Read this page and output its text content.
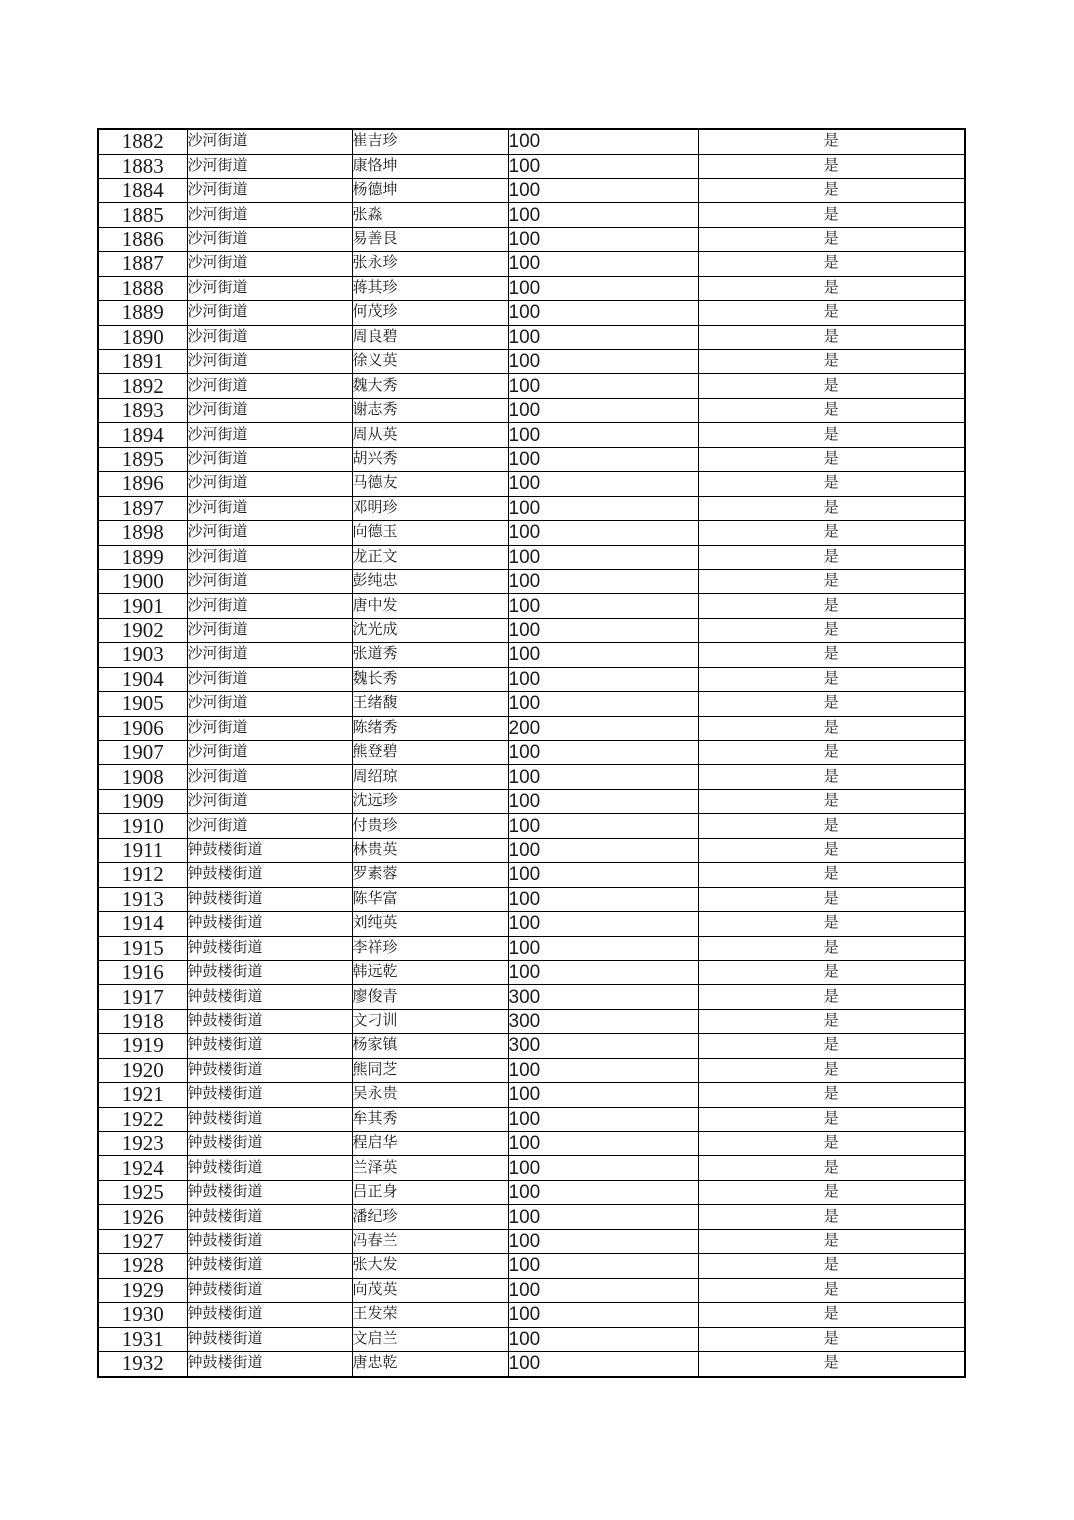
1882	沙河街道	崔吉珍	100	是
1883	沙河街道	康恪坤	100	是
1884	沙河街道	杨德坤	100	是
1885	沙河街道	张淼	100	是
1886	沙河街道	易善艮	100	是
1887	沙河街道	张永珍	100	是
1888	沙河街道	蒋其珍	100	是
1889	沙河街道	何茂珍	100	是
1890	沙河街道	周良碧	100	是
1891	沙河街道	徐义英	100	是
1892	沙河街道	魏大秀	100	是
1893	沙河街道	谢志秀	100	是
1894	沙河街道	周从英	100	是
1895	沙河街道	胡兴秀	100	是
1896	沙河街道	马德友	100	是
1897	沙河街道	邓明珍	100	是
1898	沙河街道	向德玉	100	是
1899	沙河街道	龙正文	100	是
1900	沙河街道	彭纯忠	100	是
1901	沙河街道	唐中发	100	是
1902	沙河街道	沈光成	100	是
1903	沙河街道	张道秀	100	是
1904	沙河街道	魏长秀	100	是
1905	沙河街道	王绪馥	100	是
1906	沙河街道	陈绪秀	200	是
1907	沙河街道	熊登碧	100	是
1908	沙河街道	周绍琼	100	是
1909	沙河街道	沈远珍	100	是
1910	沙河街道	付贵珍	100	是
1911	钟鼓楼街道	林贵英	100	是
1912	钟鼓楼街道	罗素蓉	100	是
1913	钟鼓楼街道	陈华富	100	是
1914	钟鼓楼街道	刘纯英	100	是
1915	钟鼓楼街道	李祥珍	100	是
1916	钟鼓楼街道	韩远乾	100	是
1917	钟鼓楼街道	廖俊青	300	是
1918	钟鼓楼街道	文刁训	300	是
1919	钟鼓楼街道	杨家镇	300	是
1920	钟鼓楼街道	熊同芝	100	是
1921	钟鼓楼街道	吴永贵	100	是
1922	钟鼓楼街道	牟其秀	100	是
1923	钟鼓楼街道	程启华	100	是
1924	钟鼓楼街道	兰泽英	100	是
1925	钟鼓楼街道	吕正身	100	是
1926	钟鼓楼街道	潘纪珍	100	是
1927	钟鼓楼街道	冯春兰	100	是
1928	钟鼓楼街道	张大发	100	是
1929	钟鼓楼街道	向茂英	100	是
1930	钟鼓楼街道	王发荣	100	是
1931	钟鼓楼街道	文启兰	100	是
1932	钟鼓楼街道	唐忠乾	100	是
